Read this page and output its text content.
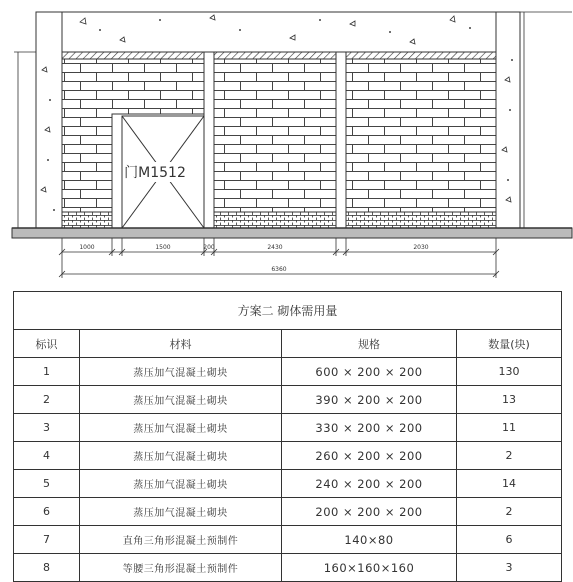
门M1512
1000	1500	200	2430	2030
6360
方案二 砌体需用量			
标识	材料	规格	数量(块)
1	蒸压加气混凝土砌块	600 × 200 × 200	130
2	蒸压加气混凝土砌块	390 × 200 × 200	13
3	蒸压加气混凝土砌块	330 × 200 × 200	11
4	蒸压加气混凝土砌块	260 × 200 × 200	2
5	蒸压加气混凝土砌块	240 × 200 × 200	14
6	蒸压加气混凝土砌块	200 × 200 × 200	2
7	直角三角形混凝土预制件	140×80	6
8	等腰三角形混凝土预制件	160×160×160	3
